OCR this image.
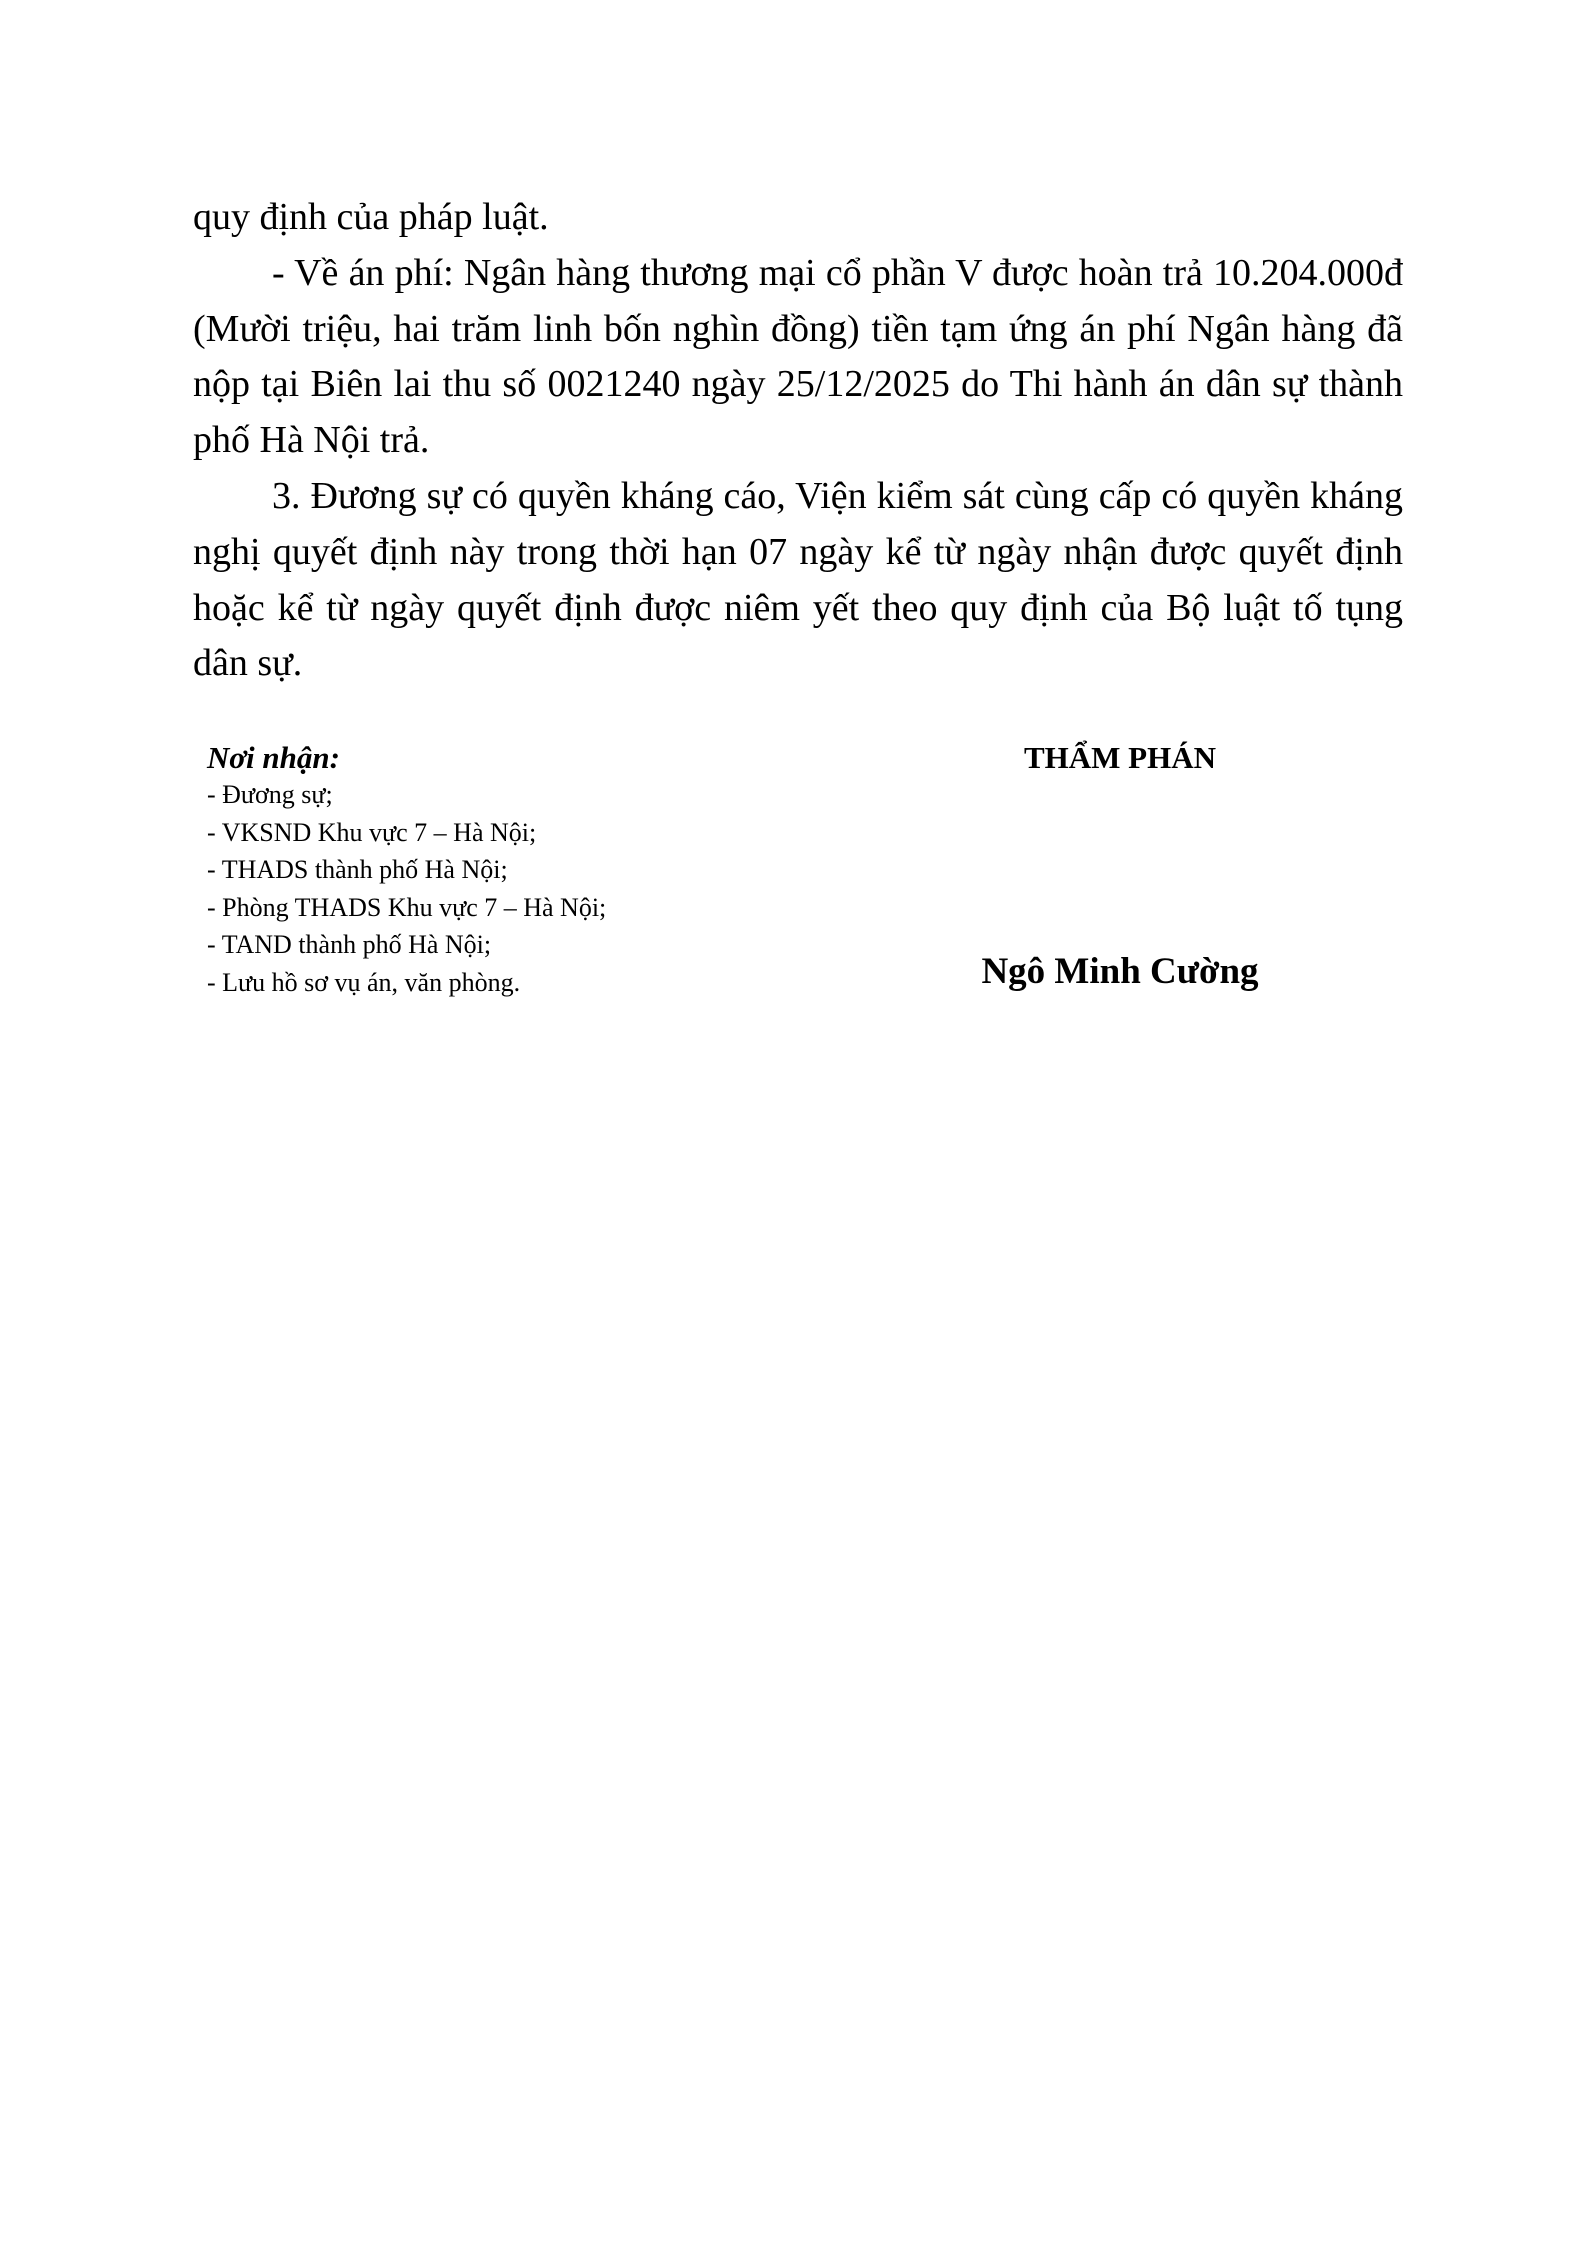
quy định của pháp luật.

- Về án phí: Ngân hàng thương mại cổ phần V được hoàn trả 10.204.000đ (Mười triệu, hai trăm linh bốn nghìn đồng) tiền tạm ứng án phí Ngân hàng đã nộp tại Biên lai thu số 0021240 ngày 25/12/2025 do Thi hành án dân sự thành phố Hà Nội trả.

3. Đương sự có quyền kháng cáo, Viện kiểm sát cùng cấp có quyền kháng nghị quyết định này trong thời hạn 07 ngày kể từ ngày nhận được quyết định hoặc kể từ ngày quyết định được niêm yết theo quy định của Bộ luật tố tụng dân sự.

Nơi nhận:

- Đương sự;
- VKSND Khu vực 7 – Hà Nội;
- THADS thành phố Hà Nội;
- Phòng THADS Khu vực 7 – Hà Nội;
- TAND thành phố Hà Nội;
- Lưu hồ sơ vụ án, văn phòng.
THẨM PHÁN
Ngô Minh Cường
